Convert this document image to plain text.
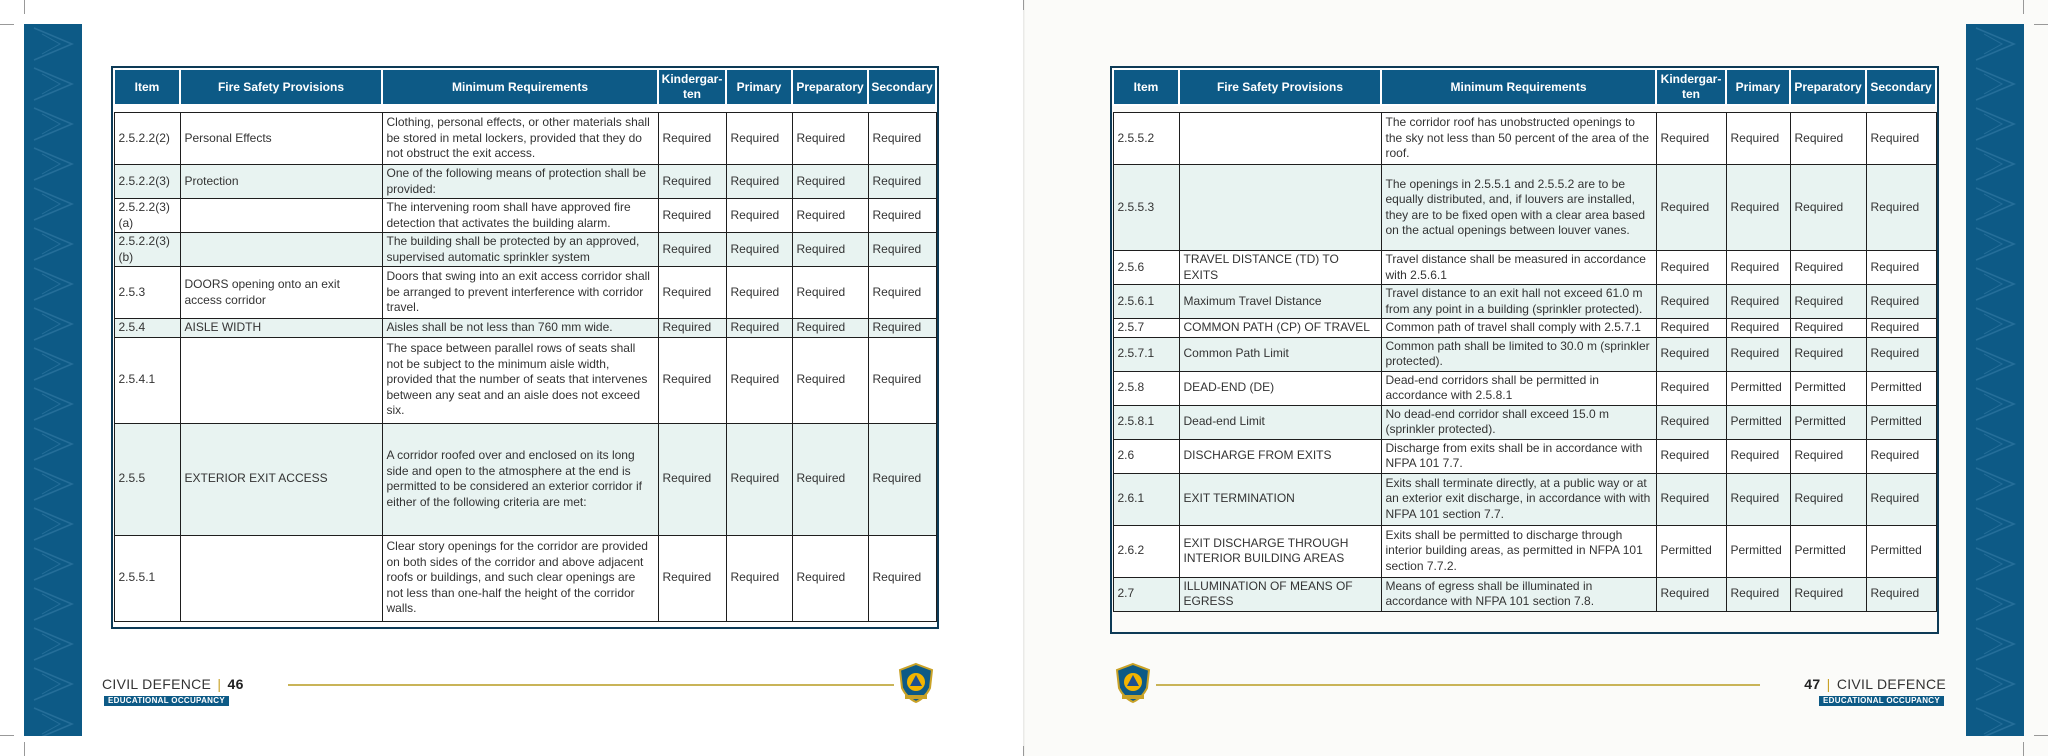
Item	Fire Safety Provisions	Minimum Requirements	Kindergar-ten	Primary	Preparatory	Secondary

2.5.2.2(2)	Personal Effects	Clothing, personal effects, or other materials shall be stored in metal lockers, provided that they do not obstruct the exit access.	Required	Required	Required	Required
2.5.2.2(3)	Protection	One of the following means of protection shall be provided:	Required	Required	Required	Required
2.5.2.2(3) (a)		The intervening room shall have approved fire detection that activates the building alarm.	Required	Required	Required	Required
2.5.2.2(3) (b)		The building shall be protected by an approved, supervised automatic sprinkler system	Required	Required	Required	Required
2.5.3	DOORS opening onto an exit access corridor	Doors that swing into an exit access corridor shall be arranged to prevent interference with corridor travel.	Required	Required	Required	Required
2.5.4	AISLE WIDTH	Aisles shall be not less than 760 mm wide.	Required	Required	Required	Required
2.5.4.1		The space between parallel rows of seats shall not be subject to the minimum aisle width, provided that the number of seats that intervenes between any seat and an aisle does not exceed six.	Required	Required	Required	Required
2.5.5	EXTERIOR EXIT ACCESS	A corridor roofed over and enclosed on its long side and open to the atmosphere at the end is permitted to be considered an exterior corridor if either of the following criteria are met:	Required	Required	Required	Required
2.5.5.1		Clear story openings for the corridor are provided on both sides of the corridor and above adjacent roofs or buildings, and such clear openings are not less than one-half the height of the corridor walls.	Required	Required	Required	Required
Item	Fire Safety Provisions	Minimum Requirements	Kindergar-ten	Primary	Preparatory	Secondary

2.5.5.2		The corridor roof has unobstructed openings to the sky not less than 50 percent of the area of the roof.	Required	Required	Required	Required
2.5.5.3		The openings in 2.5.5.1 and 2.5.5.2 are to be equally distributed, and, if louvers are installed, they are to be fixed open with a clear area based on the actual openings between louver vanes.	Required	Required	Required	Required
2.5.6	TRAVEL DISTANCE (TD) TO EXITS	Travel distance shall be measured in accordance with 2.5.6.1	Required	Required	Required	Required
2.5.6.1	Maximum Travel Distance	Travel distance to an exit hall not exceed 61.0 m from any point in a building (sprinkler protected).	Required	Required	Required	Required
2.5.7	COMMON PATH (CP) OF TRAVEL	Common path of travel shall comply with 2.5.7.1	Required	Required	Required	Required
2.5.7.1	Common Path Limit	Common path shall be limited to 30.0 m (sprinkler protected).	Required	Required	Required	Required
2.5.8	DEAD-END (DE)	Dead-end corridors shall be permitted in accordance with 2.5.8.1	Required	Permitted	Permitted	Permitted
2.5.8.1	Dead-end Limit	No dead-end corridor shall exceed 15.0 m (sprinkler protected).	Required	Permitted	Permitted	Permitted
2.6	DISCHARGE FROM EXITS	Discharge from exits shall be in accordance with NFPA 101 7.7.	Required	Required	Required	Required
2.6.1	EXIT TERMINATION	Exits shall terminate directly, at a public way or at an exterior exit discharge, in accordance with with NFPA 101 section 7.7.	Required	Required	Required	Required
2.6.2	EXIT DISCHARGE THROUGH INTERIOR BUILDING AREAS	Exits shall be permitted to discharge through interior building areas, as permitted in NFPA 101 section 7.7.2.	Permitted	Permitted	Permitted	Permitted
2.7	ILLUMINATION OF MEANS OF EGRESS	Means of egress shall be illuminated in accordance with NFPA 101 section 7.8.	Required	Required	Required	Required
CIVIL DEFENCE | 46
EDUCATIONAL OCCUPANCY
47 | CIVIL DEFENCE
EDUCATIONAL OCCUPANCY
